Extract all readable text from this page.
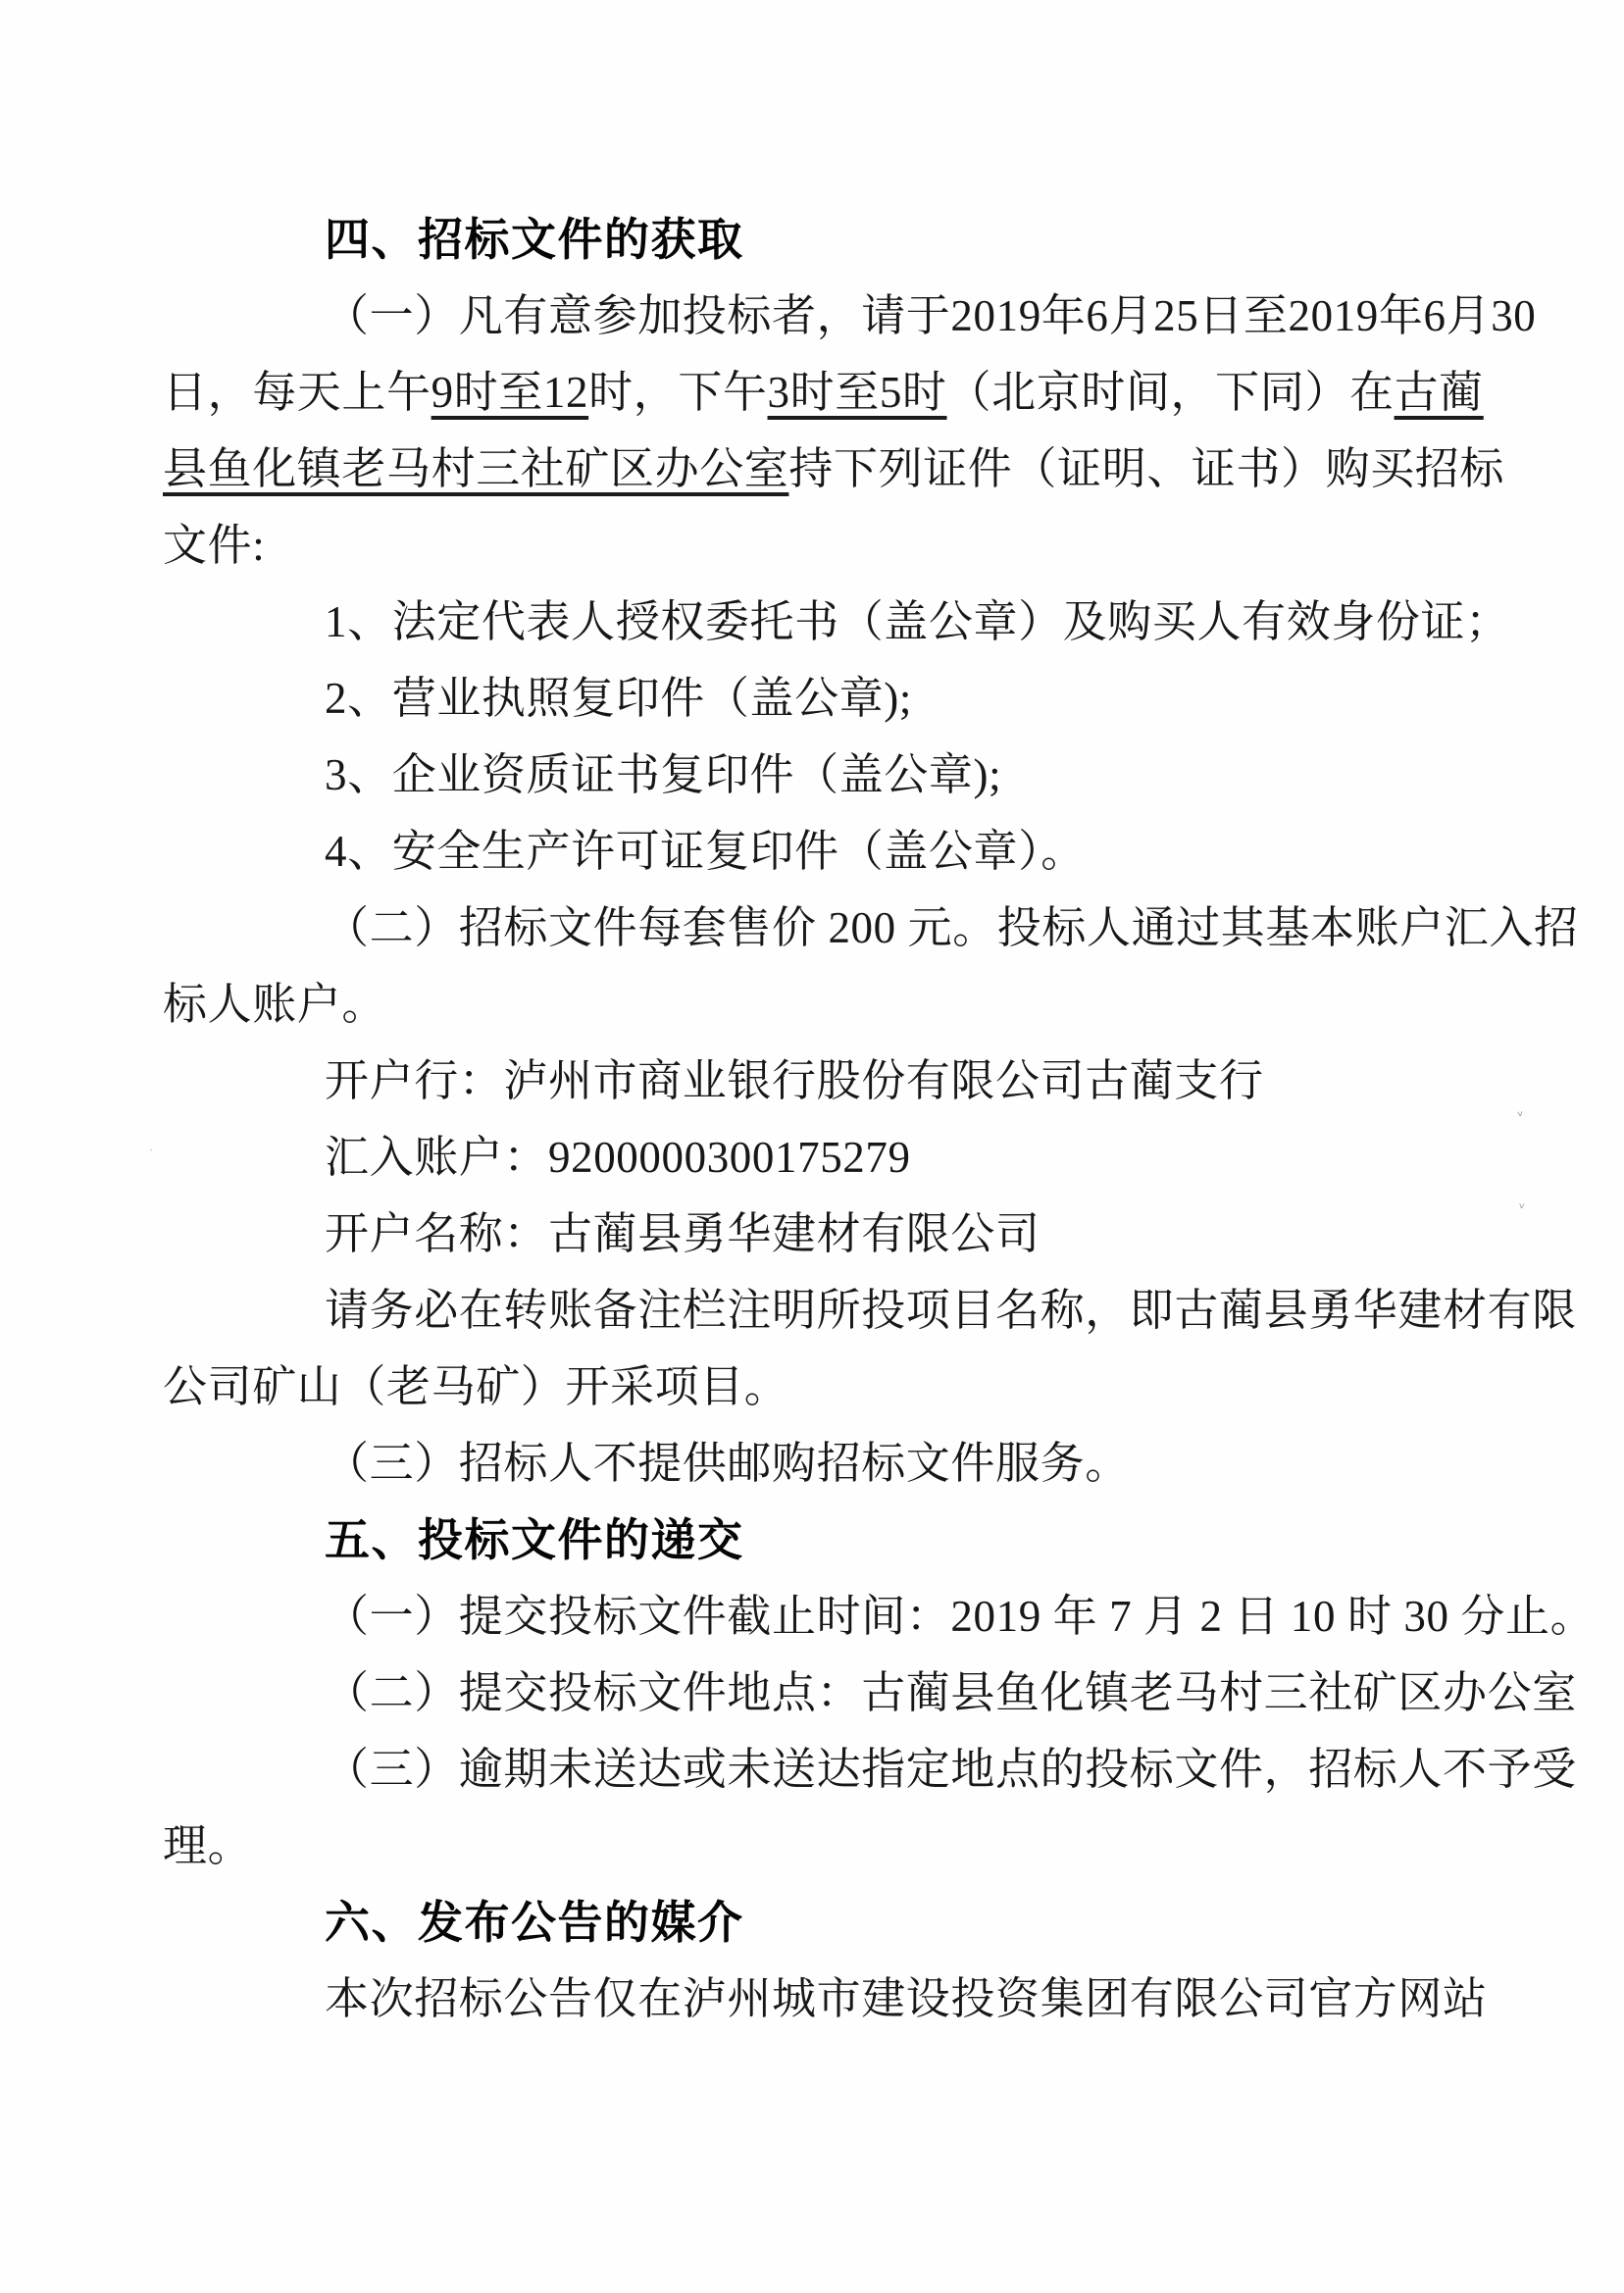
四、招标文件的获取
（一）凡有意参加投标者，请于2019年6月25日至2019年6月30
日，每天上午9时至12时，下午3时至5时（北京时间，下同）在古蔺
县鱼化镇老马村三社矿区办公室持下列证件（证明、证书）购买招标
文件:
1、法定代表人授权委托书（盖公章）及购买人有效身份证；
2、营业执照复印件（盖公章);
3、企业资质证书复印件（盖公章);
4、安全生产许可证复印件（盖公章）。
（二）招标文件每套售价 200 元。投标人通过其基本账户汇入招
标人账户。
开户行：泸州市商业银行股份有限公司古蔺支行
汇入账户：9200000300175279
开户名称：古蔺县勇华建材有限公司
请务必在转账备注栏注明所投项目名称，即古蔺县勇华建材有限
公司矿山（老马矿）开采项目。
（三）招标人不提供邮购招标文件服务。
五、投标文件的递交
（一）提交投标文件截止时间：2019 年 7 月 2 日 10 时 30 分止。
（二）提交投标文件地点：古蔺县鱼化镇老马村三社矿区办公室
（三）逾期未送达或未送达指定地点的投标文件，招标人不予受
理。
六、发布公告的媒介
本次招标公告仅在泸州城市建设投资集团有限公司官方网站
ᵥ
ᵥ
ˏ
